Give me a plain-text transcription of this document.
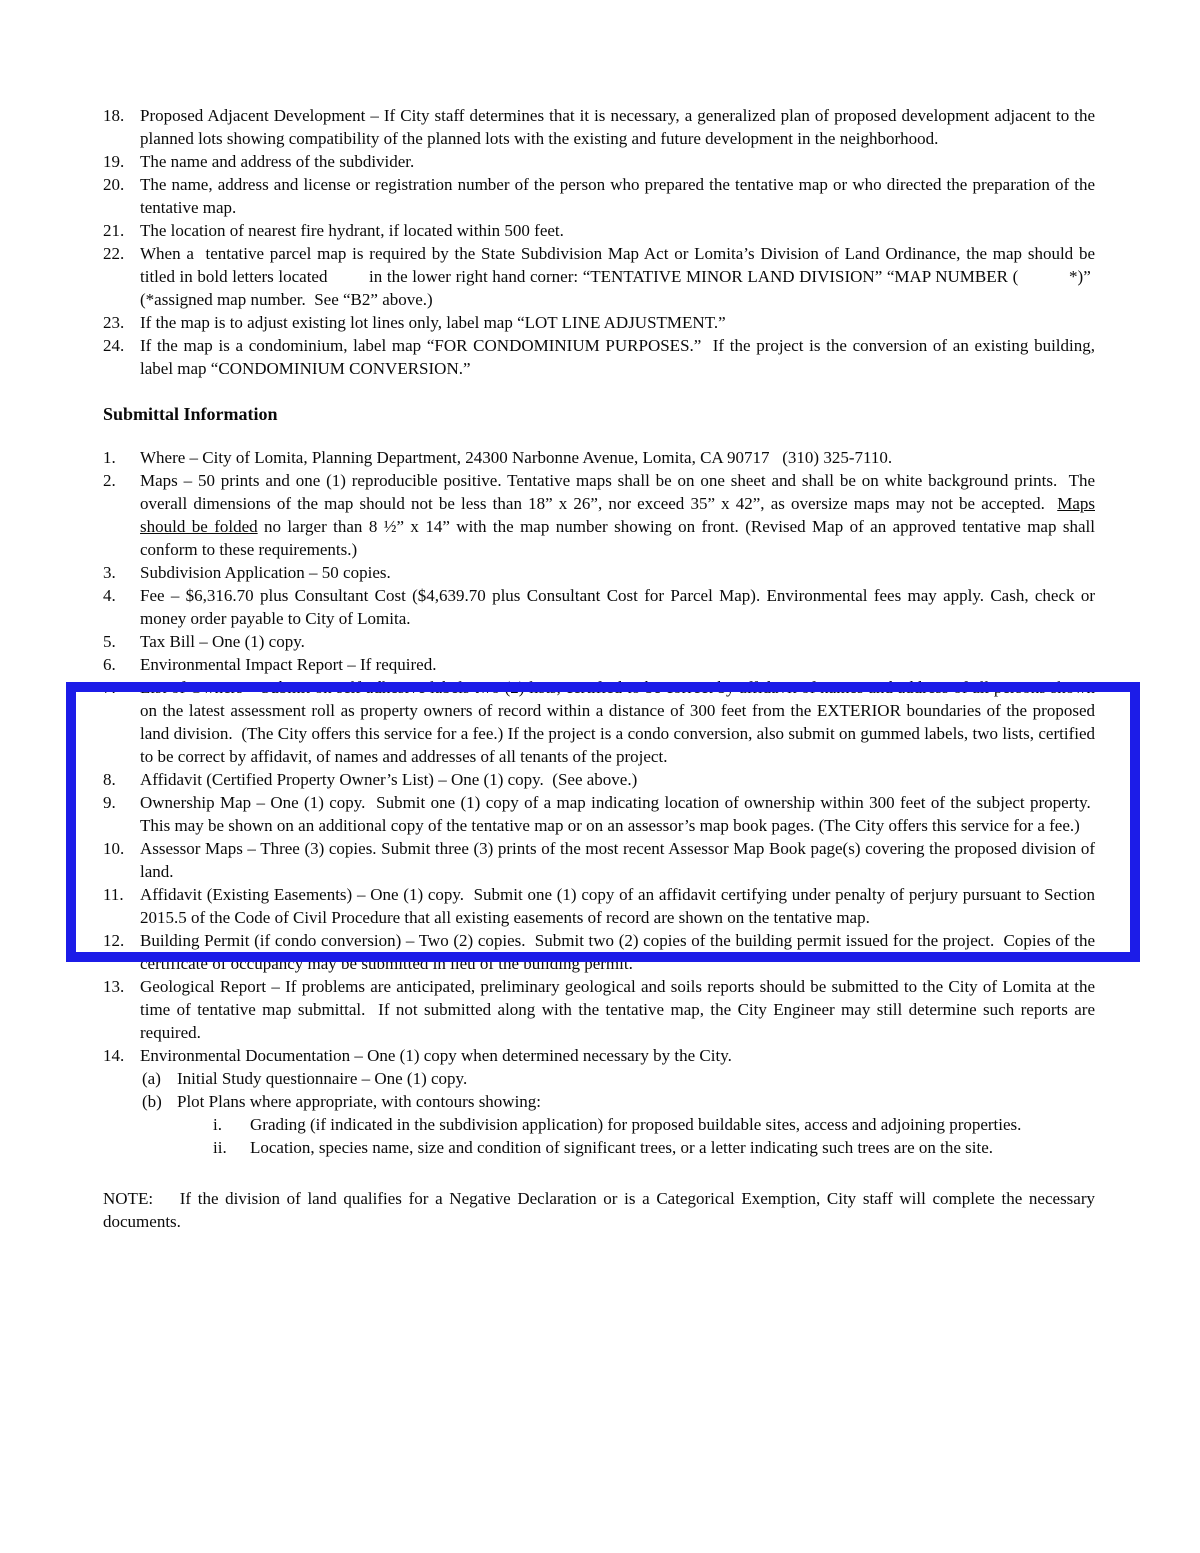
18. Proposed Adjacent Development – If City staff determines that it is necessary, a generalized plan of proposed development adjacent to the planned lots showing compatibility of the planned lots with the existing and future development in the neighborhood.
19. The name and address of the subdivider.
20. The name, address and license or registration number of the person who prepared the tentative map or who directed the preparation of the tentative map.
21. The location of nearest fire hydrant, if located within 500 feet.
22. When a  tentative parcel map is required by the State Subdivision Map Act or Lomita’s Division of Land Ordinance, the map should be titled in bold letters located         in the lower right hand corner: “TENTATIVE MINOR LAND DIVISION” “MAP NUMBER (           *)”  (*assigned map number.  See “B2” above.)
23. If the map is to adjust existing lot lines only, label map “LOT LINE ADJUSTMENT.”
24. If the map is a condominium, label map “FOR CONDOMINIUM PURPOSES.”  If the project is the conversion of an existing building, label map “CONDOMINIUM CONVERSION.”
Submittal Information
1.	Where – City of Lomita, Planning Department, 24300 Narbonne Avenue, Lomita, CA 90717   (310) 325-7110.
2.	Maps – 50 prints and one (1) reproducible positive. Tentative maps shall be on one sheet and shall be on white background prints.  The overall dimensions of the map should not be less than 18” x 26”, nor exceed 35” x 42”, as oversize maps may not be accepted.  Maps should be folded no larger than 8 ½” x 14” with the map number showing on front. (Revised Map of an approved tentative map shall conform to these requirements.)
3.	Subdivision Application – 50 copies.
4.	Fee – $6,316.70 plus Consultant Cost ($4,639.70 plus Consultant Cost for Parcel Map). Environmental fees may apply. Cash, check or money order payable to City of Lomita.
5.	Tax Bill – One (1) copy.
6.	Environmental Impact Report – If required.
7.	List of Owners – Submit on self adhesive labels two (2) lists, certified to be correct by affidavit of names and address of all persons shown on the latest assessment roll as property owners of record within a distance of 300 feet from the EXTERIOR boundaries of the proposed land division.  (The City offers this service for a fee.) If the project is a condo conversion, also submit on gummed labels, two lists, certified to be correct by affidavit, of names and addresses of all tenants of the project.
8.	Affidavit (Certified Property Owner’s List) – One (1) copy.  (See above.)
9.	Ownership Map – One (1) copy.  Submit one (1) copy of a map indicating location of ownership within 300 feet of the subject property.  This may be shown on an additional copy of the tentative map or on an assessor’s map book pages. (The City offers this service for a fee.)
10. Assessor Maps – Three (3) copies. Submit three (3) prints of the most recent Assessor Map Book page(s) covering the proposed division of land.
11. Affidavit (Existing Easements) – One (1) copy.  Submit one (1) copy of an affidavit certifying under penalty of perjury pursuant to Section 2015.5 of the Code of Civil Procedure that all existing easements of record are shown on the tentative map.
12. Building Permit (if condo conversion) – Two (2) copies.  Submit two (2) copies of the building permit issued for the project.  Copies of the certificate of occupancy may be submitted in lieu of the building permit.
13. Geological Report – If problems are anticipated, preliminary geological and soils reports should be submitted to the City of Lomita at the time of tentative map submittal.  If not submitted along with the tentative map, the City Engineer may still determine such reports are required.
14. Environmental Documentation – One (1) copy when determined necessary by the City.
(a) Initial Study questionnaire – One (1) copy.
(b) Plot Plans where appropriate, with contours showing:
i.	Grading (if indicated in the subdivision application) for proposed buildable sites, access and adjoining properties.
ii.	Location, species name, size and condition of significant trees, or a letter indicating such trees are on the site.

NOTE: If the division of land qualifies for a Negative Declaration or is a Categorical Exemption, City staff will complete the necessary documents.
